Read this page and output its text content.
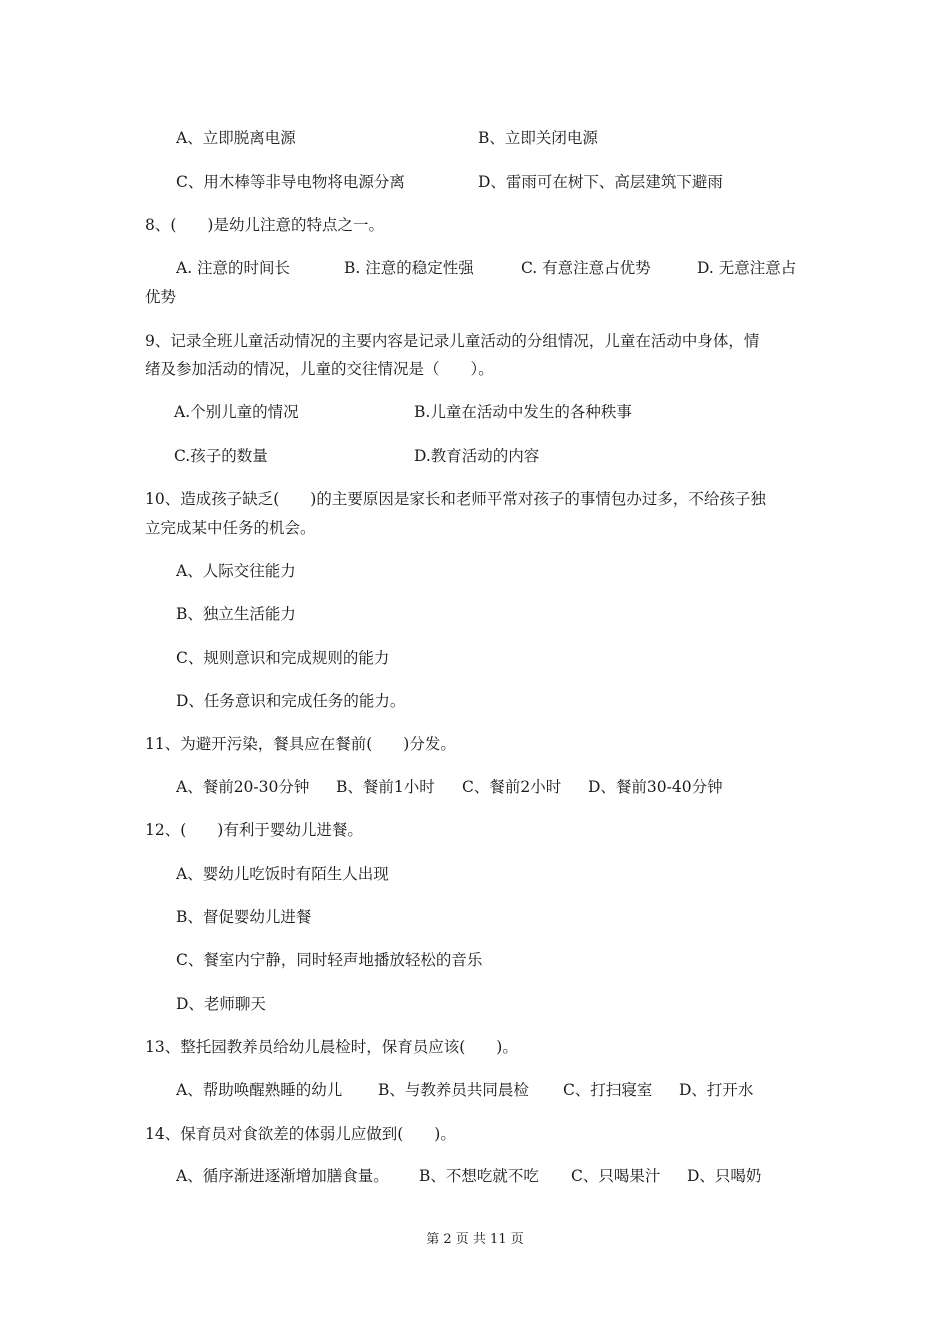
A、立即脱离电源	B、立即关闭电源
C、用木棒等非导电物将电源分离	D、雷雨可在树下、高层建筑下避雨
8、(　　)是幼儿注意的特点之一。
A. 注意的时间长	B. 注意的稳定性强	C. 有意注意占优势	D. 无意注意占
优势
9、记录全班儿童活动情况的主要内容是记录儿童活动的分组情况，儿童在活动中身体，情
绪及参加活动的情况，儿童的交往情况是（　　）。
A.个别儿童的情况	B.儿童在活动中发生的各种秩事
C.孩子的数量	D.教育活动的内容
10、造成孩子缺乏(　　)的主要原因是家长和老师平常对孩子的事情包办过多，不给孩子独
立完成某中任务的机会。
A、人际交往能力
B、独立生活能力
C、规则意识和完成规则的能力
D、任务意识和完成任务的能力。
11、为避开污染，餐具应在餐前(　　)分发。
A、餐前20-30分钟 B、餐前1小时 C、餐前2小时 D、餐前30-40分钟
12、(　　)有利于婴幼儿进餐。
A、婴幼儿吃饭时有陌生人出现
B、督促婴幼儿进餐
C、餐室内宁静，同时轻声地播放轻松的音乐
D、老师聊天
13、整托园教养员给幼儿晨检时，保育员应该(　　)。
A、帮助唤醒熟睡的幼儿 B、与教养员共同晨检 C、打扫寝室 D、打开水
14、保育员对食欲差的体弱儿应做到(　　)。
A、循序渐进逐渐增加膳食量。 B、不想吃就不吃 C、只喝果汁 D、只喝奶
第 2 页 共 11 页
